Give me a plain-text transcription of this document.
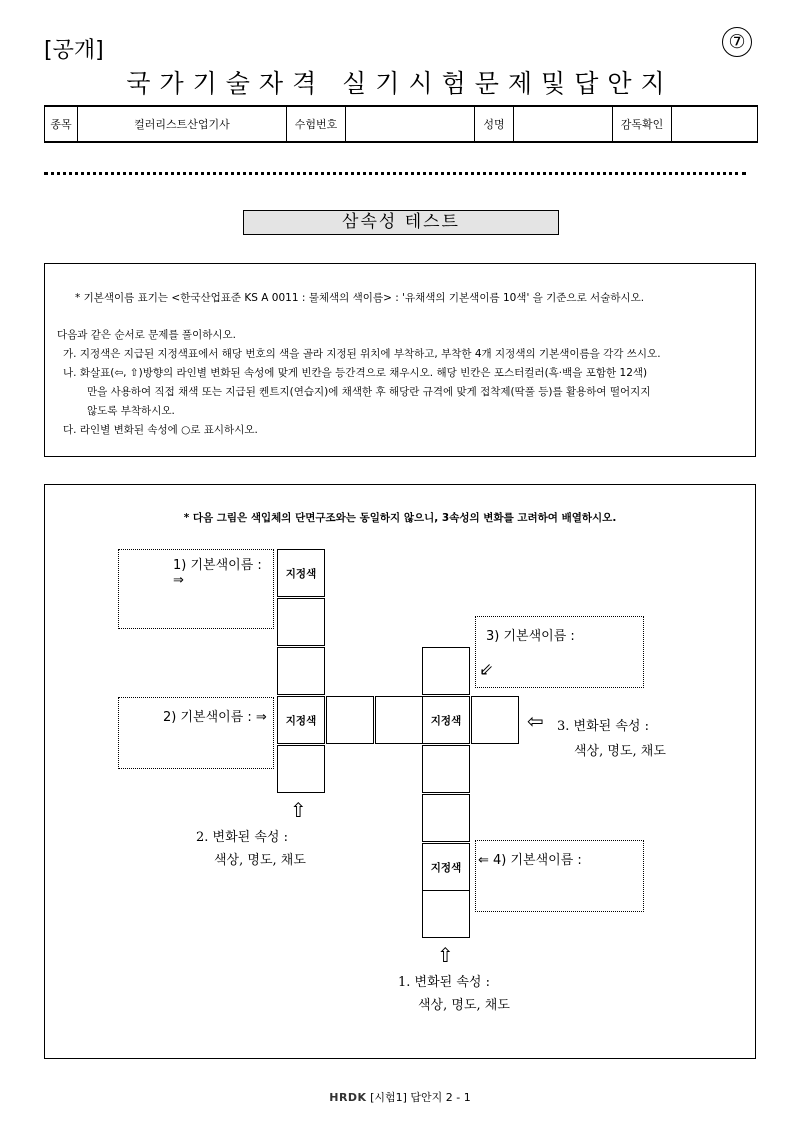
[공개]	⑦
국가기술자격 실기시험문제및답안지
종목	컬러리스트산업기사	수험번호		성명		감독확인	
삼속성 테스트
* 기본색이름 표기는 <한국산업표준 KS A 0011 : 물체색의 색이름> : '유채색의 기본색이름 10색' 을 기준으로 서술하시오.
다음과 같은 순서로 문제를 풀이하시오.
가. 지정색은 지급된 지정색표에서 해당 번호의 색을 골라 지정된 위치에 부착하고, 부착한 4개 지정색의 기본색이름을 각각 쓰시오.
나. 화살표(⇦, ⇧)방향의 라인별 변화된 속성에 맞게 빈칸을 등간격으로 채우시오. 해당 빈칸은 포스터컬러(흑·백을 포함한 12색)
만을 사용하여 직접 채색 또는 지급된 켄트지(연습지)에 채색한 후 해당란 규격에 맞게 접착제(딱풀 등)를 활용하여 떨어지지
않도록 부착하시오.
다. 라인별 변화된 속성에 ○로 표시하시오.
* 다음 그림은 색입체의 단면구조와는 동일하지 않으니, 3속성의 변화를 고려하여 배열하시오.
1) 기본색이름 : ⇒
2) 기본색이름 : ⇒
3) 기본색이름 :
⇙
⇐ 4) 기본색이름 :
지정색
지정색	지정색
지정색
⇦ 3. 변화된 속성 :
색상, 명도, 채도
⇧
2. 변화된 속성 :
색상, 명도, 채도
⇧
1. 변화된 속성 :
색상, 명도, 채도
HRDK [시험1] 답안지 2 - 1
